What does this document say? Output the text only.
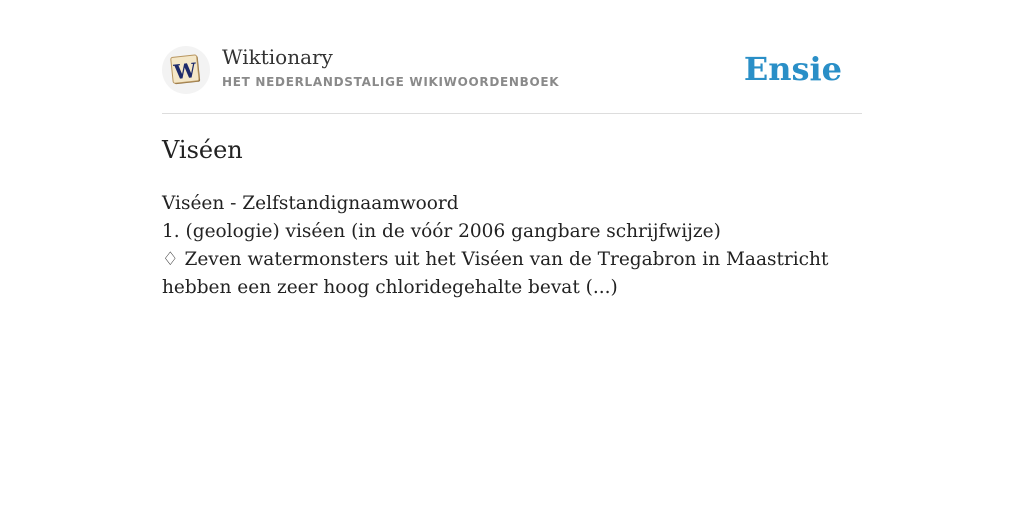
W
Wiktionary
HET NEDERLANDSTALIGE WIKIWOORDENBOEK	Ensie
Viséen
Viséen - Zelfstandignaamwoord
1. (geologie) viséen (in de vóór 2006 gangbare schrijfwijze)
♢ Zeven watermonsters uit het Viséen van de Tregabron in Maastricht hebben een zeer hoog chloridegehalte bevat (...)
